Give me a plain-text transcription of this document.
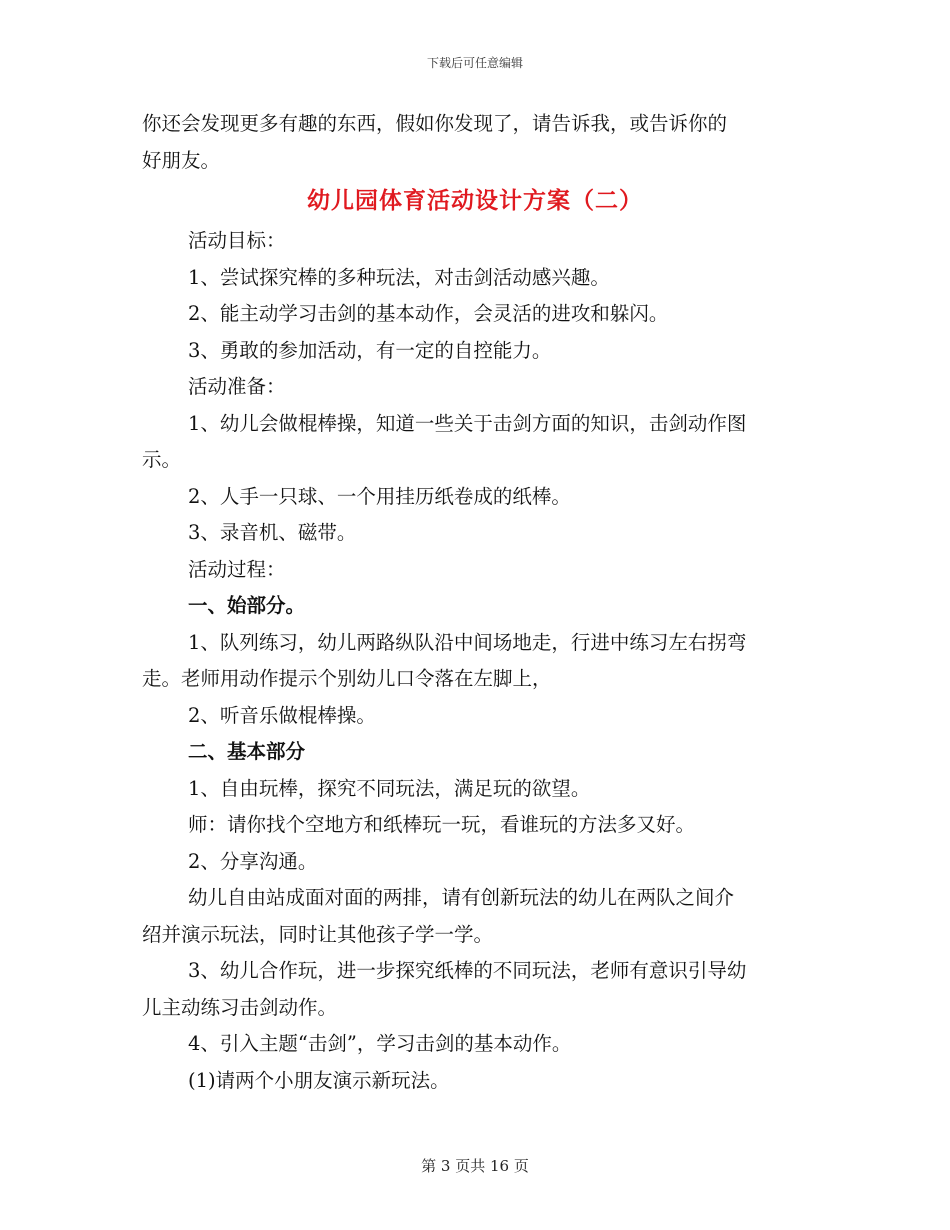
下载后可任意编辑

你还会发现更多有趣的东西，假如你发现了，请告诉我，或告诉你的

好朋友。

幼儿园体育活动设计方案（二）

活动目标：

1、尝试探究棒的多种玩法，对击剑活动感兴趣。

2、能主动学习击剑的基本动作，会灵活的进攻和躲闪。

3、勇敢的参加活动，有一定的自控能力。

活动准备：

1、幼儿会做棍棒操，知道一些关于击剑方面的知识，击剑动作图

示。

2、人手一只球、一个用挂历纸卷成的纸棒。

3、录音机、磁带。

活动过程：

一、始部分。

1、队列练习，幼儿两路纵队沿中间场地走，行进中练习左右拐弯

走。老师用动作提示个别幼儿口令落在左脚上，

2、听音乐做棍棒操。

二、基本部分

1、自由玩棒，探究不同玩法，满足玩的欲望。

师：请你找个空地方和纸棒玩一玩，看谁玩的方法多又好。

2、分享沟通。

幼儿自由站成面对面的两排，请有创新玩法的幼儿在两队之间介

绍并演示玩法，同时让其他孩子学一学。

3、幼儿合作玩，进一步探究纸棒的不同玩法，老师有意识引导幼

儿主动练习击剑动作。

4、引入主题“击剑”，学习击剑的基本动作。

(1)请两个小朋友演示新玩法。

第 3 页共 16 页
